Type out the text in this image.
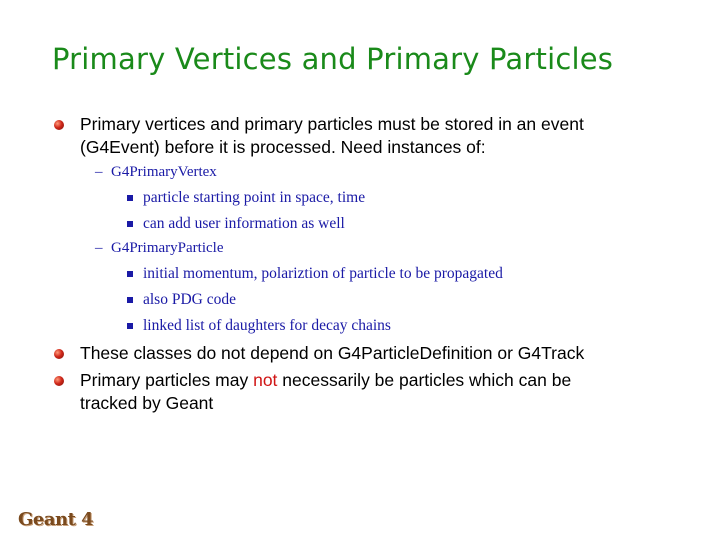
Primary Vertices and Primary Particles
Primary vertices and primary particles must be stored in an event
(G4Event) before it is processed. Need instances of:
– G4PrimaryVertex
particle starting point in space, time
can add user information as well
– G4PrimaryParticle
initial momentum, polariztion of particle to be propagated
also PDG code
linked list of daughters for decay chains
These classes do not depend on G4ParticleDefinition or G4Track
Primary particles may not necessarily be particles which can be
tracked by Geant
Geant 4
